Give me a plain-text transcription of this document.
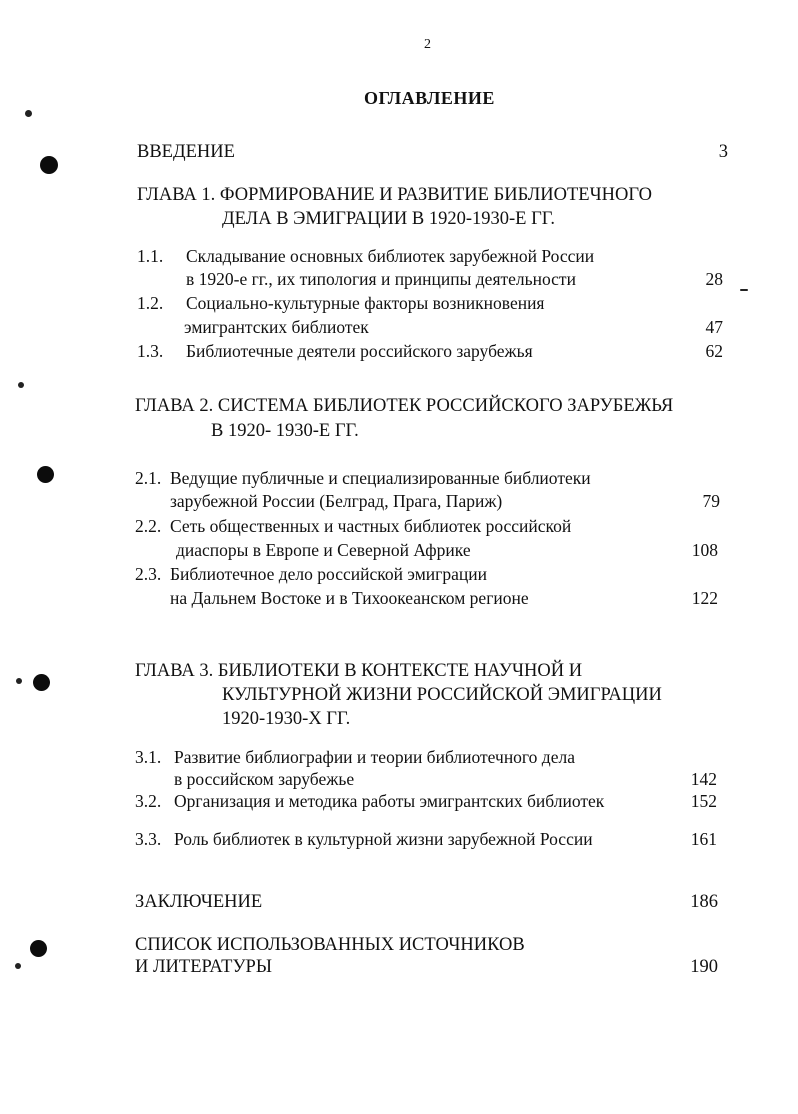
2
ОГЛАВЛЕНИЕ
ВВЕДЕНИЕ	3
ГЛАВА 1. ФОРМИРОВАНИЕ И РАЗВИТИЕ БИБЛИОТЕЧНОГО
ДЕЛА В ЭМИГРАЦИИ В 1920-1930-Е ГГ.
1.1. Складывание основных библиотек зарубежной России
в 1920-е гг., их типология и принципы деятельности	28
1.2. Социально-культурные факторы возникновения
эмигрантских библиотек	47
1.3. Библиотечные деятели российского зарубежья	62
ГЛАВА 2. СИСТЕМА БИБЛИОТЕК РОССИЙСКОГО ЗАРУБЕЖЬЯ
В 1920- 1930-Е ГГ.
2.1. Ведущие публичные и специализированные библиотеки
зарубежной России (Белград, Прага, Париж)	79
2.2. Сеть общественных и частных библиотек российской
диаспоры в Европе и Северной Африке	108
2.3. Библиотечное дело российской эмиграции
на Дальнем Востоке и в Тихоокеанском регионе	122
ГЛАВА 3. БИБЛИОТЕКИ В КОНТЕКСТЕ НАУЧНОЙ И
КУЛЬТУРНОЙ ЖИЗНИ РОССИЙСКОЙ ЭМИГРАЦИИ
1920-1930-Х ГГ.
3.1. Развитие библиографии и теории библиотечного дела
в российском зарубежье	142
3.2. Организация и методика работы эмигрантских библиотек	152
3.3. Роль библиотек в культурной жизни зарубежной России	161
ЗАКЛЮЧЕНИЕ	186
СПИСОК ИСПОЛЬЗОВАННЫХ ИСТОЧНИКОВ
И ЛИТЕРАТУРЫ	190
